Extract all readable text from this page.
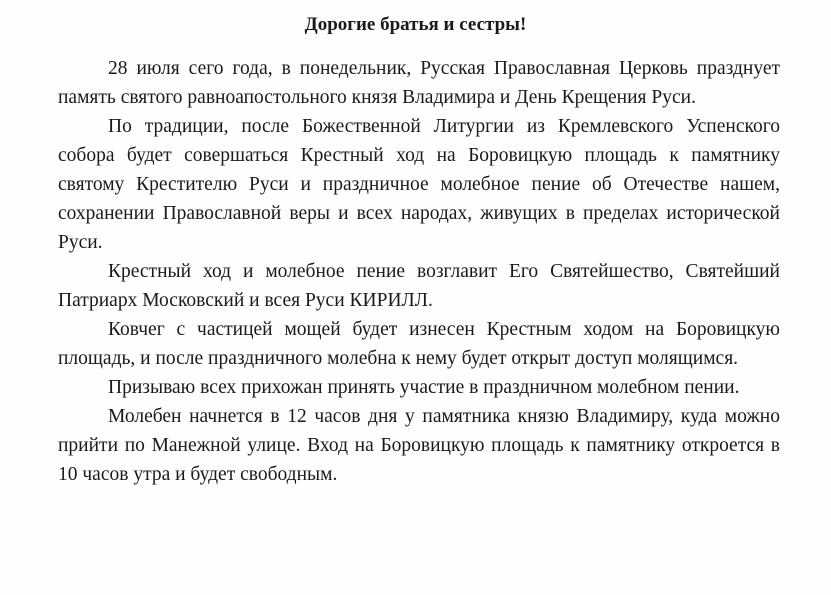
Дорогие братья и сестры!

28 июля сего года, в понедельник, Русская Православная Церковь празднует память святого равноапостольного князя Владимира и День Крещения Руси.

По традиции, после Божественной Литургии из Кремлевского Успенского собора будет совершаться Крестный ход на Боровицкую площадь к памятнику святому Крестителю Руси и праздничное молебное пение об Отечестве нашем, сохранении Православной веры и всех народах, живущих в пределах исторической Руси.

Крестный ход и молебное пение возглавит Его Святейшество, Святейший Патриарх Московский и всея Руси КИРИЛЛ.

Ковчег с частицей мощей будет изнесен Крестным ходом на Боровицкую площадь, и после праздничного молебна к нему будет открыт доступ молящимся.

Призываю всех прихожан принять участие в праздничном молебном пении.

Молебен начнется в 12 часов дня у памятника князю Владимиру, куда можно прийти по Манежной улице. Вход на Боровицкую площадь к памятнику откроется в 10 часов утра и будет свободным.
